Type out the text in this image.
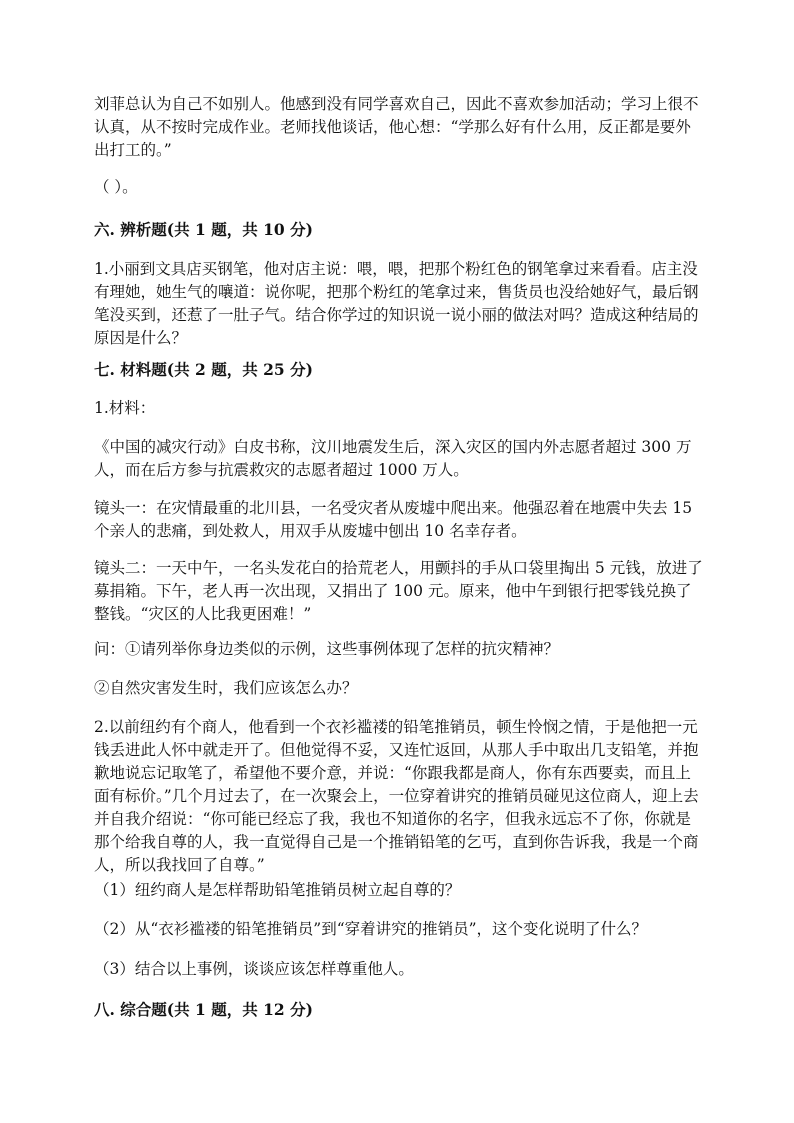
刘菲总认为自己不如别人。他感到没有同学喜欢自己，因此不喜欢参加活动；学习上很不认真，从不按时完成作业。老师找他谈话，他心想：“学那么好有什么用，反正都是要外出打工的。”

（ ）。

六. 辨析题(共 1 题，共 10 分)

1.小丽到文具店买钢笔，他对店主说：喂，喂，把那个粉红色的钢笔拿过来看看。店主没有理她，她生气的嚷道：说你呢，把那个粉红的笔拿过来，售货员也没给她好气，最后钢笔没买到，还惹了一肚子气。结合你学过的知识说一说小丽的做法对吗？造成这种结局的原因是什么？

七. 材料题(共 2 题，共 25 分)

1.材料：

《中国的减灾行动》白皮书称，汶川地震发生后，深入灾区的国内外志愿者超过 300 万人，而在后方参与抗震救灾的志愿者超过 1000 万人。

镜头一：在灾情最重的北川县，一名受灾者从废墟中爬出来。他强忍着在地震中失去 15 个亲人的悲痛，到处救人，用双手从废墟中刨出 10 名幸存者。

镜头二：一天中午，一名头发花白的拾荒老人，用颤抖的手从口袋里掏出 5 元钱，放进了募捐箱。下午，老人再一次出现，又捐出了 100 元。原来，他中午到银行把零钱兑换了整钱。“灾区的人比我更困难！”

问：①请列举你身边类似的示例，这些事例体现了怎样的抗灾精神？

②自然灾害发生时，我们应该怎么办？

2.以前纽约有个商人，他看到一个衣衫褴褛的铅笔推销员，顿生怜悯之情，于是他把一元钱丢进此人怀中就走开了。但他觉得不妥，又连忙返回，从那人手中取出几支铅笔，并抱歉地说忘记取笔了，希望他不要介意，并说：“你跟我都是商人，你有东西要卖，而且上面有标价。”几个月过去了，在一次聚会上，一位穿着讲究的推销员碰见这位商人，迎上去并自我介绍说：“你可能已经忘了我，我也不知道你的名字，但我永远忘不了你，你就是那个给我自尊的人，我一直觉得自己是一个推销铅笔的乞丐，直到你告诉我，我是一个商人，所以我找回了自尊。”

（1）纽约商人是怎样帮助铅笔推销员树立起自尊的？

（2）从“衣衫褴褛的铅笔推销员”到“穿着讲究的推销员”，这个变化说明了什么？

（3）结合以上事例，谈谈应该怎样尊重他人。

八. 综合题(共 1 题，共 12 分)
